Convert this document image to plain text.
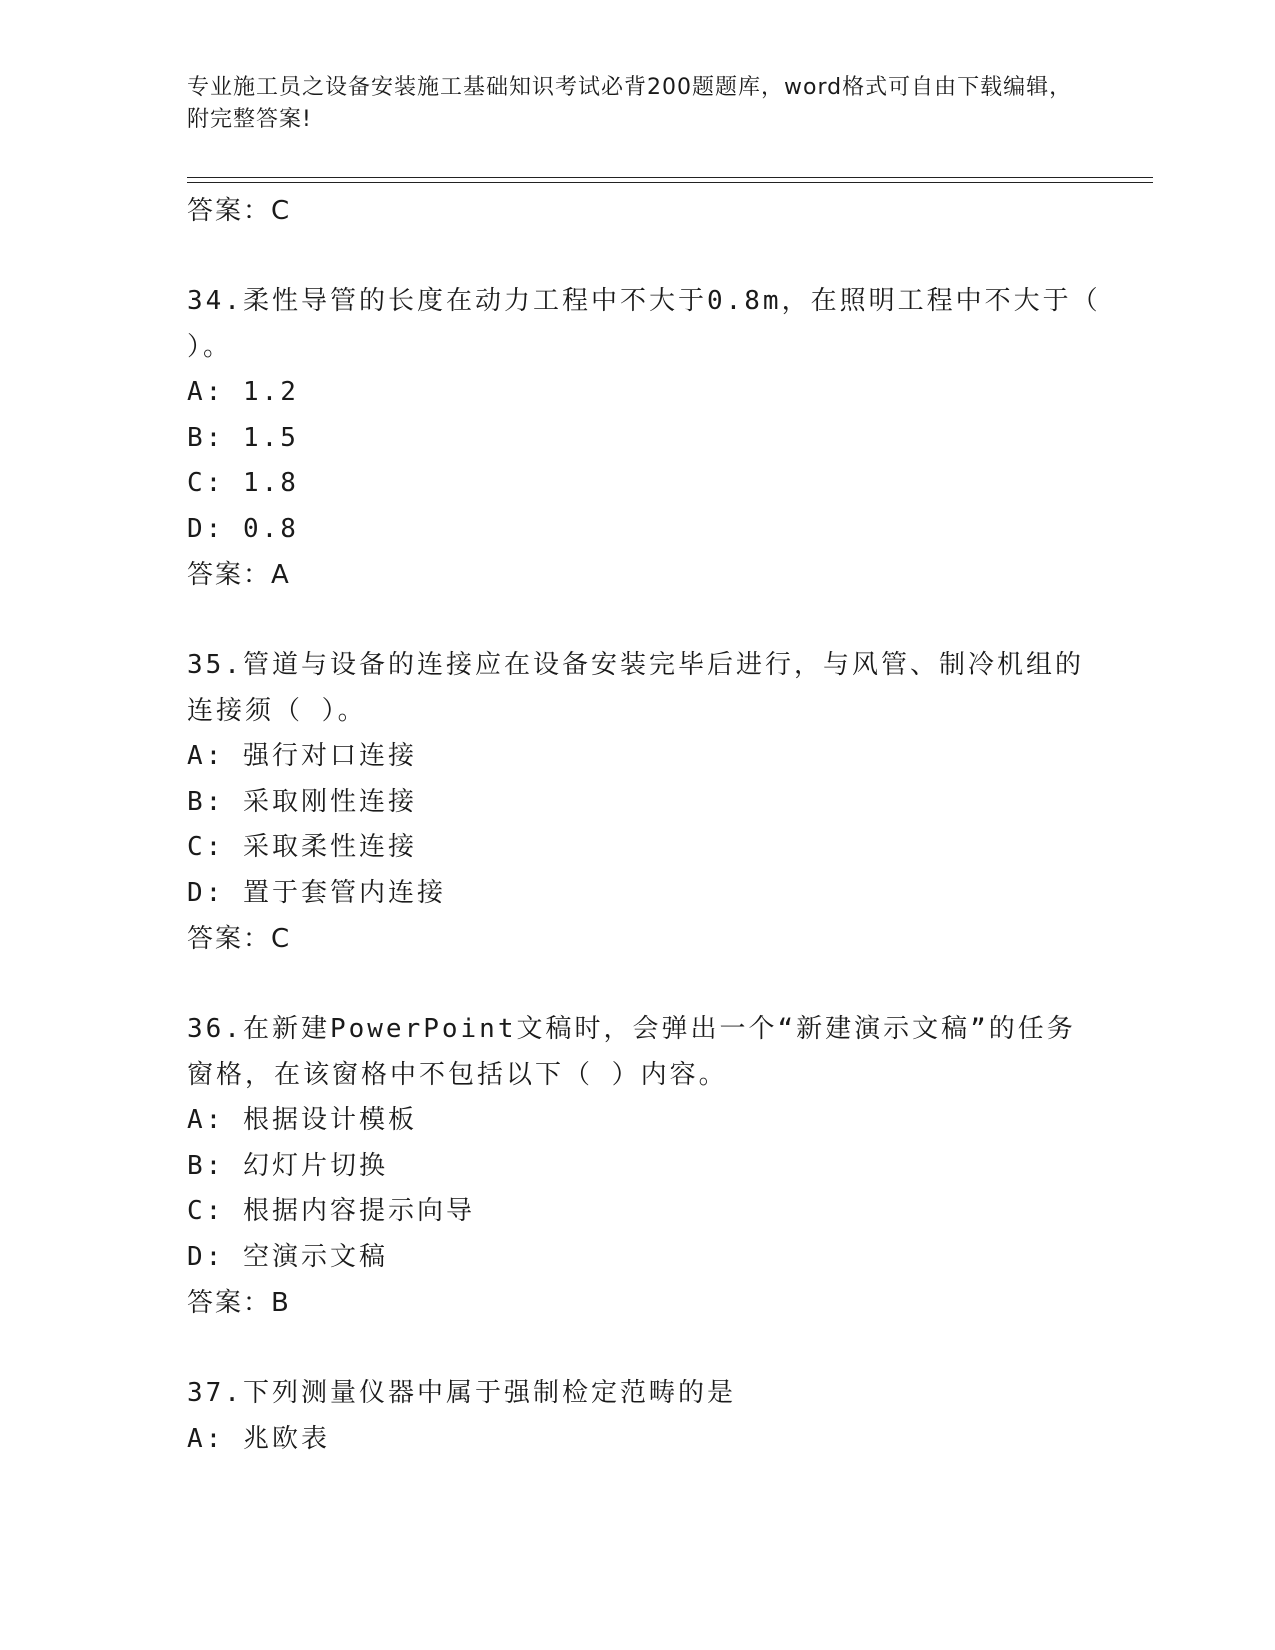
专业施工员之设备安装施工基础知识考试必背200题题库，word格式可自由下载编辑，附完整答案!
答案：C
34.柔性导管的长度在动力工程中不大于0.8m，在照明工程中不大于（
）。
A: 1.2
B: 1.5
C: 1.8
D: 0.8
答案：A
35.管道与设备的连接应在设备安装完毕后进行，与风管、制冷机组的
连接须（ ）。
A: 强行对口连接
B: 采取刚性连接
C: 采取柔性连接
D: 置于套管内连接
答案：C
36.在新建PowerPoint文稿时，会弹出一个“新建演示文稿”的任务
窗格，在该窗格中不包括以下（ ）内容。
A: 根据设计模板
B: 幻灯片切换
C: 根据内容提示向导
D: 空演示文稿
答案：B
37.下列测量仪器中属于强制检定范畴的是
A: 兆欧表
